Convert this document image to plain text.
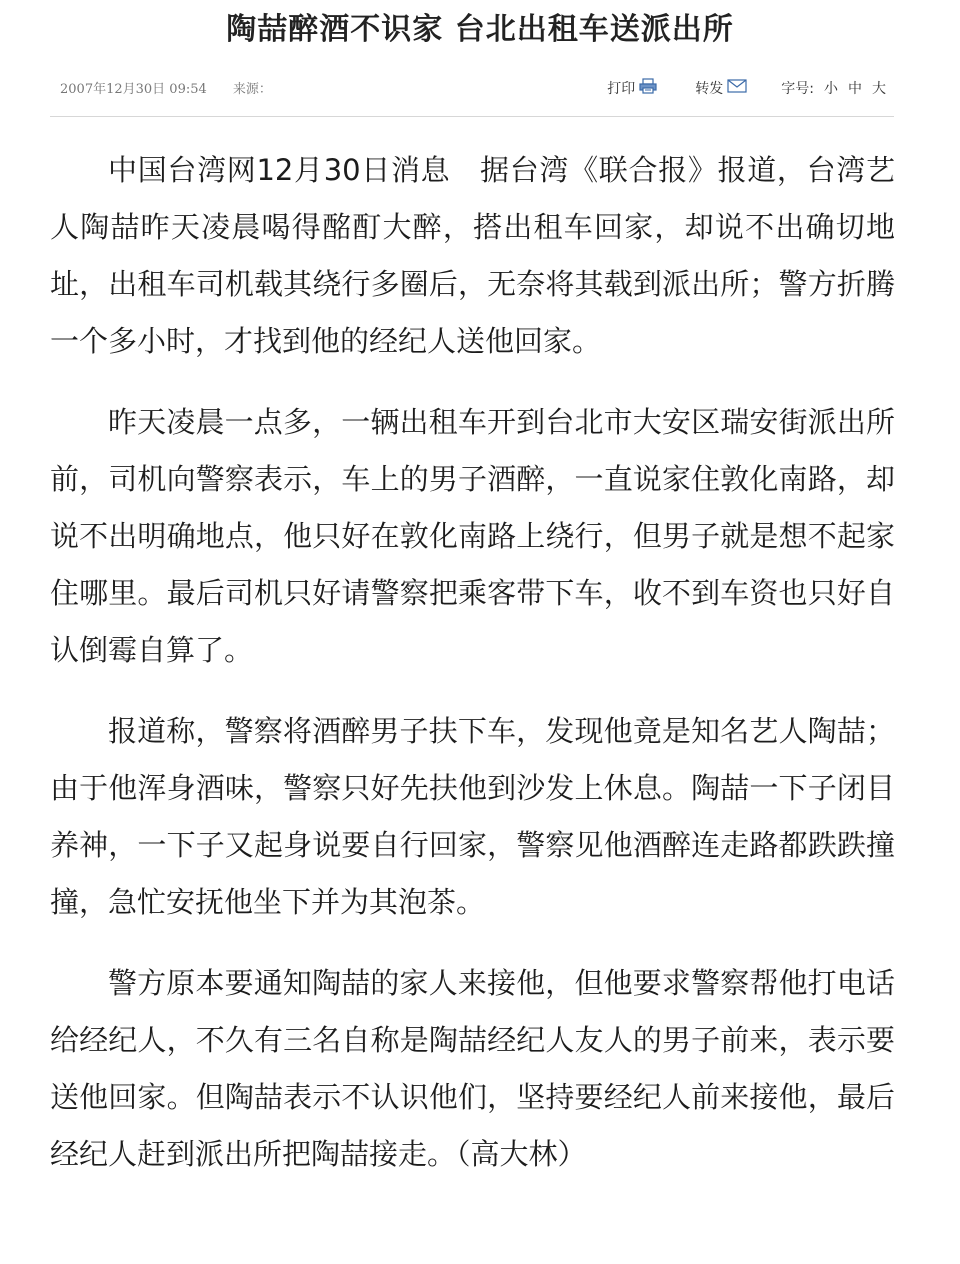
陶喆醉酒不识家 台北出租车送派出所
2007年12月30日 09:54 来源：	打印	转发	字号: 小 中 大

中国台湾网12月30日消息　据台湾《联合报》报道，台湾艺人陶喆昨天凌晨喝得酩酊大醉，搭出租车回家，却说不出确切地址，出租车司机载其绕行多圈后，无奈将其载到派出所；警方折腾一个多小时，才找到他的经纪人送他回家。

昨天凌晨一点多，一辆出租车开到台北市大安区瑞安街派出所前，司机向警察表示，车上的男子酒醉，一直说家住敦化南路，却说不出明确地点，他只好在敦化南路上绕行，但男子就是想不起家住哪里。最后司机只好请警察把乘客带下车，收不到车资也只好自认倒霉自算了。

报道称，警察将酒醉男子扶下车，发现他竟是知名艺人陶喆；由于他浑身酒味，警察只好先扶他到沙发上休息。陶喆一下子闭目养神，一下子又起身说要自行回家，警察见他酒醉连走路都跌跌撞撞，急忙安抚他坐下并为其泡茶。

警方原本要通知陶喆的家人来接他，但他要求警察帮他打电话给经纪人，不久有三名自称是陶喆经纪人友人的男子前来，表示要送他回家。但陶喆表示不认识他们，坚持要经纪人前来接他，最后经纪人赶到派出所把陶喆接走。（高大林）
